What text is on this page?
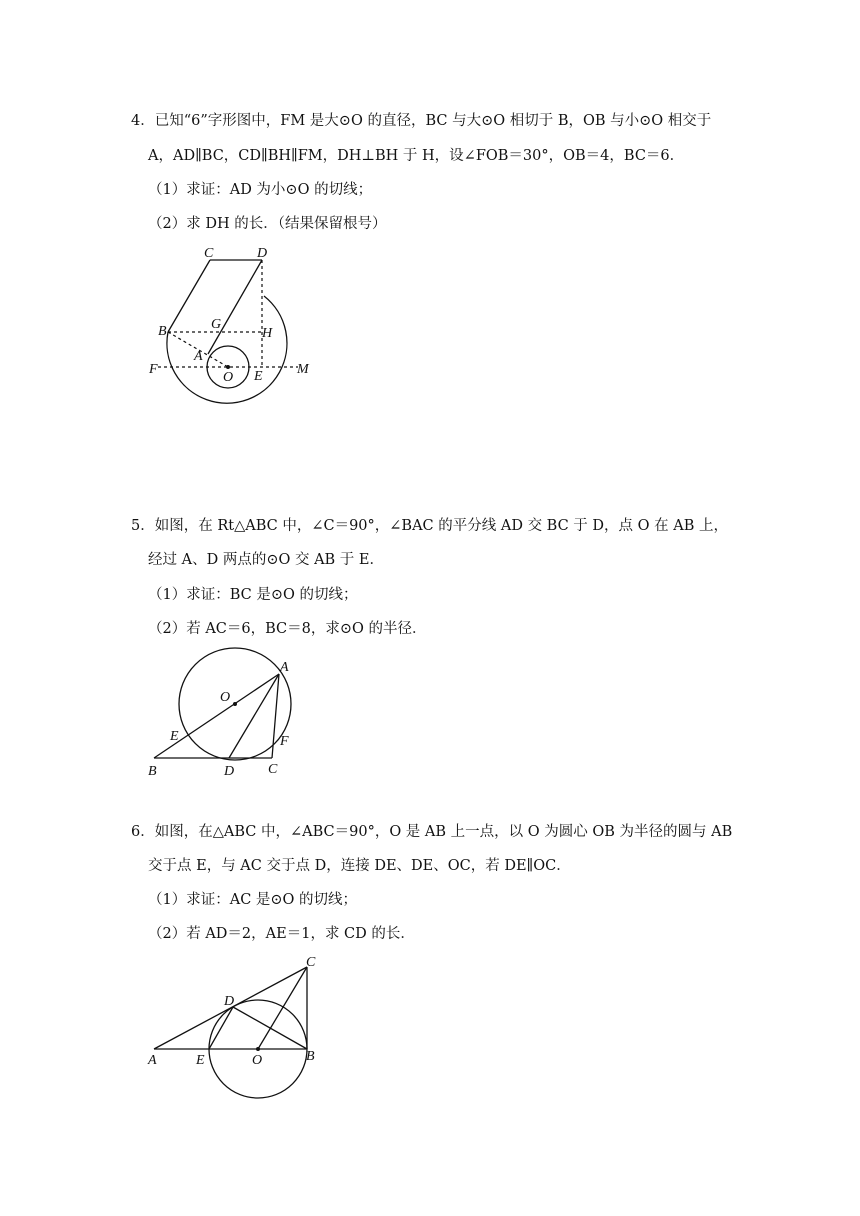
4．已知“6”字形图中，FM 是大⊙O 的直径，BC 与大⊙O 相切于 B，OB 与小⊙O 相交于
A，AD∥BC，CD∥BH∥FM，DH⊥BH 于 H，设∠FOB＝30°，OB＝4，BC＝6．
（1）求证：AD 为小⊙O 的切线；
（2）求 DH 的长．（结果保留根号）
C	D
B	G
H
A
F
O E M
5．如图，在 Rt△ABC 中，∠C＝90°，∠BAC 的平分线 AD 交 BC 于 D，点 O 在 AB 上，
经过 A、D 两点的⊙O 交 AB 于 E．
（1）求证：BC 是⊙O 的切线；
（2）若 AC＝6，BC＝8，求⊙O 的半径．
A
O
E	F
B	D C
6．如图，在△ABC 中，∠ABC＝90°，O 是 AB 上一点，以 O 为圆心 OB 为半径的圆与 AB
交于点 E，与 AC 交于点 D，连接 DE、DE、OC，若 DE∥OC．
（1）求证：AC 是⊙O 的切线；
（2）若 AD＝2，AE＝1，求 CD 的长．
C
D
A	E	O	B
